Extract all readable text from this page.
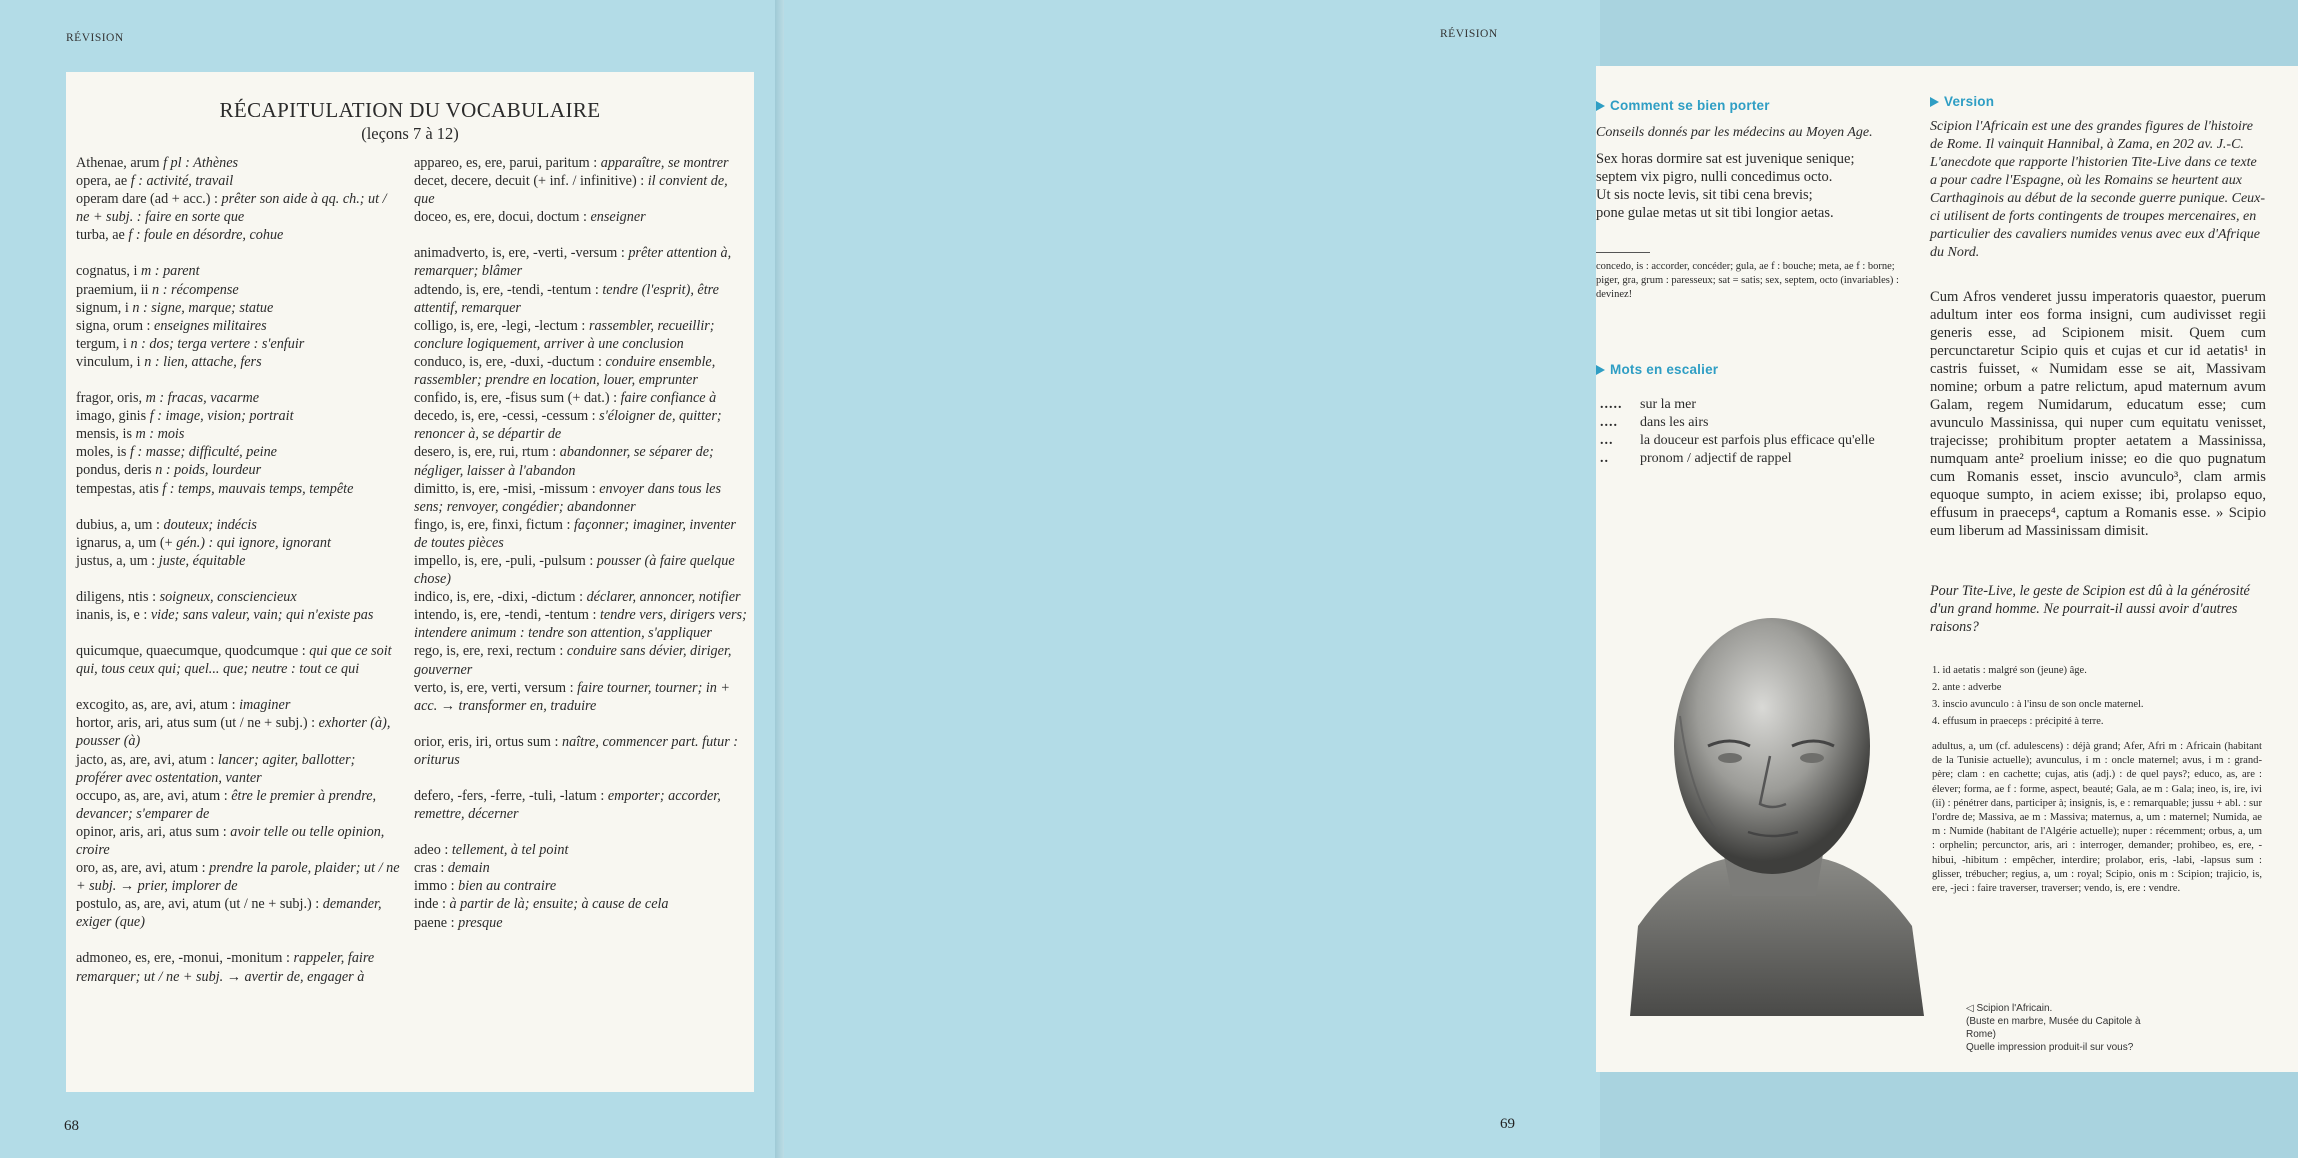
RÉVISION
RÉCAPITULATION DU VOCABULAIRE
(leçons 7 à 12)
Athenae, arum f pl : Athènes
opera, ae f : activité, travail
operam dare (ad + acc.) : prêter son aide à qq. ch.; ut / ne + subj. : faire en sorte que
turba, ae f : foule en désordre, cohue
cognatus, i m : parent
praemium, ii n : récompense
signum, i n : signe, marque; statue
signa, orum : enseignes militaires
tergum, i n : dos; terga vertere : s'enfuir
vinculum, i n : lien, attache, fers
fragor, oris, m : fracas, vacarme
imago, ginis f : image, vision; portrait
mensis, is m : mois
moles, is f : masse; difficulté, peine
pondus, deris n : poids, lourdeur
tempestas, atis f : temps, mauvais temps, tempête
dubius, a, um : douteux; indécis
ignarus, a, um (+ gén.) : qui ignore, ignorant
justus, a, um : juste, équitable
diligens, ntis : soigneux, consciencieux
inanis, is, e : vide; sans valeur, vain; qui n'existe pas
quicumque, quaecumque, quodcumque : qui que ce soit qui, tous ceux qui; quel... que; neutre : tout ce qui
excogito, as, are, avi, atum : imaginer
hortor, aris, ari, atus sum (ut / ne + subj.) : exhorter (à), pousser (à)
jacto, as, are, avi, atum : lancer; agiter, ballotter; proférer avec ostentation, vanter
occupo, as, are, avi, atum : être le premier à prendre, devancer; s'emparer de
opinor, aris, ari, atus sum : avoir telle ou telle opinion, croire
oro, as, are, avi, atum : prendre la parole, plaider; ut / ne + subj. → prier, implorer de
postulo, as, are, avi, atum (ut / ne + subj.) : demander, exiger (que)
admoneo, es, ere, -monui, -monitum : rappeler, faire remarquer; ut / ne + subj. → avertir de, engager à
appareo, es, ere, parui, paritum : apparaître, se montrer
decet, decere, decuit (+ inf. / infinitive) : il convient de, que
doceo, es, ere, docui, doctum : enseigner
animadverto, is, ere, -verti, -versum : prêter attention à, remarquer; blâmer
adtendo, is, ere, -tendi, -tentum : tendre (l'esprit), être attentif, remarquer
colligo, is, ere, -legi, -lectum : rassembler, recueillir; conclure logiquement, arriver à une conclusion
conduco, is, ere, -duxi, -ductum : conduire ensemble, rassembler; prendre en location, louer, emprunter
confido, is, ere, -fisus sum (+ dat.) : faire confiance à
decedo, is, ere, -cessi, -cessum : s'éloigner de, quitter; renoncer à, se départir de
desero, is, ere, rui, rtum : abandonner, se séparer de; négliger, laisser à l'abandon
dimitto, is, ere, -misi, -missum : envoyer dans tous les sens; renvoyer, congédier; abandonner
fingo, is, ere, finxi, fictum : façonner; imaginer, inventer de toutes pièces
impello, is, ere, -puli, -pulsum : pousser (à faire quelque chose)
indico, is, ere, -dixi, -dictum : déclarer, annoncer, notifier
intendo, is, ere, -tendi, -tentum : tendre vers, dirigers vers; intendere animum : tendre son attention, s'appliquer
rego, is, ere, rexi, rectum : conduire sans dévier, diriger, gouverner
verto, is, ere, verti, versum : faire tourner, tourner; in + acc. → transformer en, traduire
orior, eris, iri, ortus sum : naître, commencer part. futur : oriturus
defero, -fers, -ferre, -tuli, -latum : emporter; accorder, remettre, décerner
adeo : tellement, à tel point
cras : demain
immo : bien au contraire
inde : à partir de là; ensuite; à cause de cela
paene : presque
68
RÉVISION
Comment se bien porter
Conseils donnés par les médecins au Moyen Age.
Sex horas dormire sat est juvenique senique;
septem vix pigro, nulli concedimus octo.
Ut sis nocte levis, sit tibi cena brevis;
pone gulae metas ut sit tibi longior aetas.
concedo, is : accorder, concéder; gula, ae f : bouche; meta, ae f : borne; piger, gra, grum : paresseux; sat = satis; sex, septem, octo (invariables) : devinez!
Mots en escalier
.....	sur la mer
....	dans les airs
...	la douceur est parfois plus efficace qu'elle
..	pronom / adjectif de rappel
◁ Scipion l'Africain.
(Buste en marbre, Musée du Capitole à Rome)
Quelle impression produit-il sur vous?
Version
Scipion l'Africain est une des grandes figures de l'histoire de Rome. Il vainquit Hannibal, à Zama, en 202 av. J.-C. L'anecdote que rapporte l'historien Tite-Live dans ce texte a pour cadre l'Espagne, où les Romains se heurtent aux Carthaginois au début de la seconde guerre punique. Ceux-ci utilisent de forts contingents de troupes mercenaires, en particulier des cavaliers numides venus avec eux d'Afrique du Nord.
Cum Afros venderet jussu imperatoris quaestor, puerum adultum inter eos forma insigni, cum audivisset regii generis esse, ad Scipionem misit. Quem cum percunctaretur Scipio quis et cujas et cur id aetatis¹ in castris fuisset, « Numidam esse se ait, Massivam nomine; orbum a patre relictum, apud maternum avum Galam, regem Numidarum, educatum esse; cum avunculo Massinissa, qui nuper cum equitatu venisset, trajecisse; prohibitum propter aetatem a Massinissa, numquam ante² proelium inisse; eo die quo pugnatum cum Romanis esset, inscio avunculo³, clam armis equoque sumpto, in aciem exisse; ibi, prolapso equo, effusum in praeceps⁴, captum a Romanis esse. » Scipio eum liberum ad Massinissam dimisit.
Pour Tite-Live, le geste de Scipion est dû à la générosité d'un grand homme. Ne pourrait-il aussi avoir d'autres raisons?
1. id aetatis : malgré son (jeune) âge.
2. ante : adverbe
3. inscio avunculo : à l'insu de son oncle maternel.
4. effusum in praeceps : précipité à terre.
adultus, a, um (cf. adulescens) : déjà grand; Afer, Afri m : Africain (habitant de la Tunisie actuelle); avunculus, i m : oncle maternel; avus, i m : grand-père; clam : en cachette; cujas, atis (adj.) : de quel pays?; educo, as, are : élever; forma, ae f : forme, aspect, beauté; Gala, ae m : Gala; ineo, is, ire, ivi (ii) : pénétrer dans, participer à; insignis, is, e : remarquable; jussu + abl. : sur l'ordre de; Massiva, ae m : Massiva; maternus, a, um : maternel; Numida, ae m : Numide (habitant de l'Algérie actuelle); nuper : récemment; orbus, a, um : orphelin; percunctor, aris, ari : interroger, demander; prohibeo, es, ere, -hibui, -hibitum : empêcher, interdire; prolabor, eris, -labi, -lapsus sum : glisser, trébucher; regius, a, um : royal; Scipio, onis m : Scipion; trajicio, is, ere, -jeci : faire traverser, traverser; vendo, is, ere : vendre.
69
